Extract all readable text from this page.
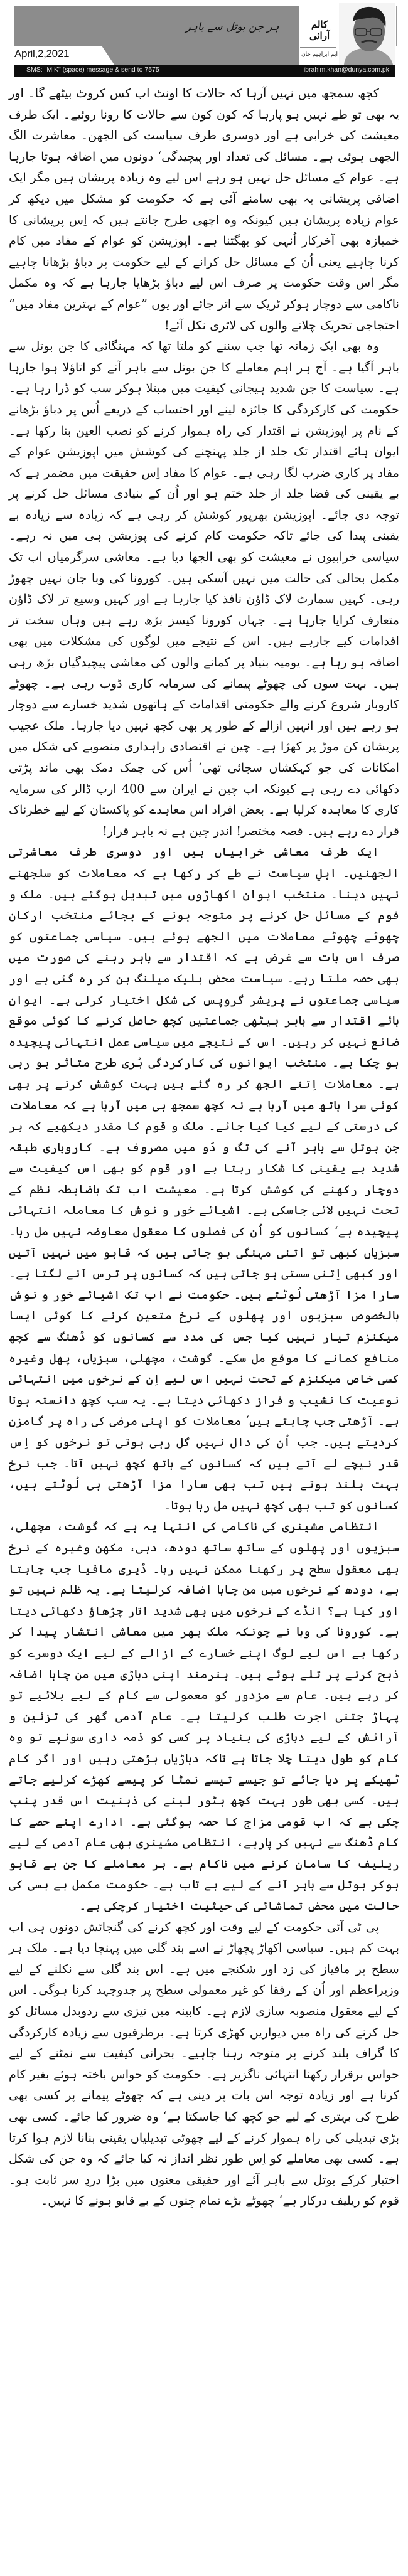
ہر جن بوتل سے باہر
April,2,2021
کالم آرائی
ایم ابراہیم خان
SMS: "MIK" (space) message & send to 7575	ibrahim.khan@dunya.com.pk

کچھ سمجھ میں نہیں آرہا کہ حالات کا اونٹ اب کس کروٹ بیٹھے گا۔ اور یہ بھی تو طے نہیں ہو پارہا کہ کون کون سے حالات کا رونا روئیے۔ ایک طرف معیشت کی خرابی ہے اور دوسری طرف سیاست کی الجھن۔ معاشرت الگ الجھی ہوئی ہے۔ مسائل کی تعداد اور پیچیدگی‘ دونوں میں اضافہ ہوتا جارہا ہے۔ عوام کے مسائل حل نہیں ہو رہے اس لیے وہ زیادہ پریشان ہیں مگر ایک اضافی پریشانی یہ بھی سامنے آئی ہے کہ حکومت کو مشکل میں دیکھ کر عوام زیادہ پریشان ہیں کیونکہ وہ اچھی طرح جانتے ہیں کہ اِس پریشانی کا خمیازہ بھی آخرکار اُنہی کو بھگتنا ہے۔ اپوزیشن کو عوام کے مفاد میں کام کرنا چاہیے یعنی اُن کے مسائل حل کرانے کے لیے حکومت پر دباؤ بڑھانا چاہیے مگر اس وقت حکومت پر صرف اس لیے دباؤ بڑھایا جارہا ہے کہ وہ مکمل ناکامی سے دوچار ہوکر ٹریک سے اتر جائے اور یوں ”عوام کے بہترین مفاد میں“ احتجاجی تحریک چلانے والوں کی لاٹری نکل آئے!

وہ بھی ایک زمانہ تھا جب سننے کو ملتا تھا کہ مہنگائی کا جن بوتل سے باہر آگیا ہے۔ آج ہر اہم معاملے کا جن بوتل سے باہر آنے کو اتاؤلا ہوا جارہا ہے۔ سیاست کا جن شدید ہیجانی کیفیت میں مبتلا ہوکر سب کو ڈرا رہا ہے۔ حکومت کی کارکردگی کا جائزہ لینے اور احتساب کے ذریعے اُس پر دباؤ بڑھانے کے نام پر اپوزیشن نے اقتدار کی راہ ہموار کرنے کو نصب العین بنا رکھا ہے۔ ایوان ہائے اقتدار تک جلد از جلد پہنچنے کی کوشش میں اپوزیشن عوام کے مفاد پر کاری ضرب لگا رہی ہے۔ عوام کا مفاد اِس حقیقت میں مضمر ہے کہ بے یقینی کی فضا جلد از جلد ختم ہو اور اُن کے بنیادی مسائل حل کرنے پر توجہ دی جائے۔ اپوزیشن بھرپور کوشش کر رہی ہے کہ زیادہ سے زیادہ بے یقینی پیدا کی جائے تاکہ حکومت کام کرنے کی پوزیشن ہی میں نہ رہے۔ سیاسی خرابیوں نے معیشت کو بھی الجھا دیا ہے۔ معاشی سرگرمیاں اب تک مکمل بحالی کی حالت میں نہیں آسکی ہیں۔ کورونا کی وبا جان نہیں چھوڑ رہی۔ کہیں سمارٹ لاک ڈاؤن نافذ کیا جارہا ہے اور کہیں وسیع تر لاک ڈاؤن متعارف کرایا جارہا ہے۔ جہاں کورونا کیسز بڑھ رہے ہیں وہاں سخت تر اقدامات کیے جارہے ہیں۔ اس کے نتیجے میں لوگوں کی مشکلات میں بھی اضافہ ہو رہا ہے۔ یومیہ بنیاد پر کمانے والوں کی معاشی پیچیدگیاں بڑھ رہی ہیں۔ بہت سوں کی چھوٹے پیمانے کی سرمایہ کاری ڈوب رہی ہے۔ چھوٹے کاروبار شروع کرنے والے حکومتی اقدامات کے ہاتھوں شدید خسارے سے دوچار ہو رہے ہیں اور انہیں ازالے کے طور پر بھی کچھ نہیں دیا جارہا۔ ملک عجیب پریشان کن موڑ پر کھڑا ہے۔ چین نے اقتصادی راہداری منصوبے کی شکل میں امکانات کی جو کہکشاں سجائی تھی‘ اُس کی چمک دمک بھی ماند پڑتی دکھائی دے رہی ہے کیونکہ اب چین نے ایران سے 400 ارب ڈالر کی سرمایہ کاری کا معاہدہ کرلیا ہے۔ بعض افراد اس معاہدے کو پاکستان کے لیے خطرناک قرار دے رہے ہیں۔ قصہ مختصر! اندر چین ہے نہ باہر قرار!

ایک طرف معاشی خرابیاں ہیں اور دوسری طرف معاشرتی الجھنیں۔ اہلِ سیاست نے طے کر رکھا ہے کہ معاملات کو سلجھنے نہیں دینا۔ منتخب ایوان اکھاڑوں میں تبدیل ہوگئے ہیں۔ ملک و قوم کے مسائل حل کرنے پر متوجہ ہونے کے بجائے منتخب ارکان چھوٹے چھوٹے معاملات میں الجھے ہوئے ہیں۔ سیاسی جماعتوں کو صرف اس بات سے غرض ہے کہ اقتدار سے باہر رہنے کی صورت میں بھی حصہ ملتا رہے۔ سیاست محض بلیک میلنگ بن کر رہ گئی ہے اور سیاسی جماعتوں نے پریشر گروپس کی شکل اختیار کرلی ہے۔ ایوان ہائے اقتدار سے باہر بیٹھی جماعتیں کچھ حاصل کرنے کا کوئی موقع ضائع نہیں کر رہیں۔ اس کے نتیجے میں سیاسی عمل انتہائی پیچیدہ ہو چکا ہے۔ منتخب ایوانوں کی کارکردگی بُری طرح متاثر ہو رہی ہے۔ معاملات اِتنے الجھ کر رہ گئے ہیں بہت کوشش کرنے پر بھی کوئی سرا ہاتھ میں آرہا ہے نہ کچھ سمجھ ہی میں آرہا ہے کہ معاملات کی درستی کے لیے کیا کیا جائے۔ ملک و قوم کا مقدر دیکھیے کہ ہر جن بوتل سے باہر آنے کی تگ و دَو میں مصروف ہے۔ کاروباری طبقہ شدید بے یقینی کا شکار رہتا ہے اور قوم کو بھی اس کیفیت سے دوچار رکھنے کی کوشش کرتا ہے۔ معیشت اب تک باضابطہ نظم کے تحت نہیں لائی جاسکی ہے۔ اشیائے خور و نوش کا معاملہ انتہائی پیچیدہ ہے‘ کسانوں کو اُن کی فصلوں کا معقول معاوضہ نہیں مل رہا۔ سبزیاں کبھی تو اتنی مہنگی ہو جاتی ہیں کہ قابو میں نہیں آتیں اور کبھی اِتنی سستی ہو جاتی ہیں کہ کسانوں پر ترس آنے لگتا ہے۔ سارا مزا آڑھتی لُوٹتے ہیں۔ حکومت نے اب تک اشیائے خور و نوش بالخصوص سبزیوں اور پھلوں کے نرخ متعین کرنے کا کوئی ایسا میکنزم تیار نہیں کیا جس کی مدد سے کسانوں کو ڈھنگ سے کچھ منافع کمانے کا موقع مل سکے۔ گوشت، مچھلی، سبزیاں، پھل وغیرہ کسی خاص میکنزم کے تحت نہیں اس لیے اِن کے نرخوں میں انتہائی نوعیت کا نشیب و فراز دکھائی دیتا ہے۔ یہ سب کچھ دانستہ ہوتا ہے۔ آڑھتی جب چاہتے ہیں‘ معاملات کو اپنی مرضی کی راہ پر گامزن کردیتے ہیں۔ جب اُن کی دال نہیں گل رہی ہوتی تو نرخوں کو اِس قدر نیچے لے آتے ہیں کہ کسانوں کے ہاتھ کچھ نہیں آتا۔ جب نرخ بہت بلند ہوتے ہیں تب بھی سارا مزا آڑھتی ہی لُوٹتے ہیں، کسانوں کو تب بھی کچھ نہیں مل رہا ہوتا۔

انتظامی مشینری کی ناکامی کی انتہا یہ ہے کہ گوشت، مچھلی، سبزیوں اور پھلوں کے ساتھ ساتھ دودھ، دہی، مکھن وغیرہ کے نرخ بھی معقول سطح پر رکھنا ممکن نہیں رہا۔ ڈیری مافیا جب چاہتا ہے، دودھ کے نرخوں میں من چاہا اضافہ کرلیتا ہے۔ یہ ظلم نہیں تو اور کیا ہے؟ انڈے کے نرخوں میں بھی شدید اتار چڑھاؤ دکھائی دیتا ہے۔ کورونا کی وبا نے چونکہ ملک بھر میں معاشی انتشار پیدا کر رکھا ہے اس لیے لوگ اپنے خسارے کے ازالے کے لیے ایک دوسرے کو ذبح کرنے پر تلے ہوئے ہیں۔ ہنرمند اپنی دہاڑی میں من چاہا اضافہ کر رہے ہیں۔ عام سے مزدور کو معمولی سے کام کے لیے بلائیے تو پہاڑ جتنی اجرت طلب کرلیتا ہے۔ عام آدمی گھر کی تزئین و آرائش کے لیے دہاڑی کی بنیاد پر کسی کو ذمہ داری سونپے تو وہ کام کو طول دیتا چلا جاتا ہے تاکہ دہاڑیاں بڑھتی رہیں اور اگر کام ٹھیکے پر دیا جائے تو جیسے تیسے نمٹا کر پیسے کھڑے کرلیے جاتے ہیں۔ کسی بھی طور بہت کچھ بٹور لینے کی ذہنیت اس قدر پنپ چکی ہے کہ اب قومی مزاج کا حصہ ہوگئی ہے۔ ادارے اپنے حصے کا کام ڈھنگ سے نہیں کر پارہے، انتظامی مشینری بھی عام آدمی کے لیے ریلیف کا سامان کرنے میں ناکام ہے۔ ہر معاملے کا جن بے قابو ہوکر بوتل سے باہر آنے کے لیے بے تاب ہے۔ حکومت مکمل بے بسی کی حالت میں محض تماشائی کی حیثیت اختیار کرچکی ہے۔

پی ٹی آئی حکومت کے لیے وقت اور کچھ کرنے کی گنجائش دونوں ہی اب بہت کم ہیں۔ سیاسی اکھاڑ پچھاڑ نے اسے بند گلی میں پہنچا دیا ہے۔ ملک ہر سطح پر مافیاز کی زد اور شکنجے میں ہے۔ اس بند گلی سے نکلنے کے لیے وزیراعظم اور اُن کے رفقا کو غیر معمولی سطح پر جدوجہد کرنا ہوگی۔ اس کے لیے معقول منصوبہ سازی لازم ہے۔ کابینہ میں تیزی سے ردوبدل مسائل کو حل کرنے کی راہ میں دیواریں کھڑی کرتا ہے۔ برطرفیوں سے زیادہ کارکردگی کا گراف بلند کرنے پر متوجہ رہنا چاہیے۔ بحرانی کیفیت سے نمٹنے کے لیے حواس برقرار رکھنا انتہائی ناگزیر ہے۔ حکومت کو حواس باختہ ہوئے بغیر کام کرنا ہے اور زیادہ توجہ اس بات پر دینی ہے کہ چھوٹے پیمانے پر کسی بھی طرح کی بہتری کے لیے جو کچھ کیا جاسکتا ہے‘ وہ ضرور کیا جائے۔ کسی بھی بڑی تبدیلی کی راہ ہموار کرنے کے لیے چھوٹی تبدیلیاں یقینی بنانا لازم ہوا کرتا ہے۔ کسی بھی معاملے کو اِس طور نظر انداز نہ کیا جائے کہ وہ جن کی شکل اختیار کرکے بوتل سے باہر آئے اور حقیقی معنوں میں بڑا دردِ سر ثابت ہو۔ قوم کو ریلیف درکار ہے‘ چھوٹے بڑے تمام جِنوں کے بے قابو ہونے کا نہیں۔
